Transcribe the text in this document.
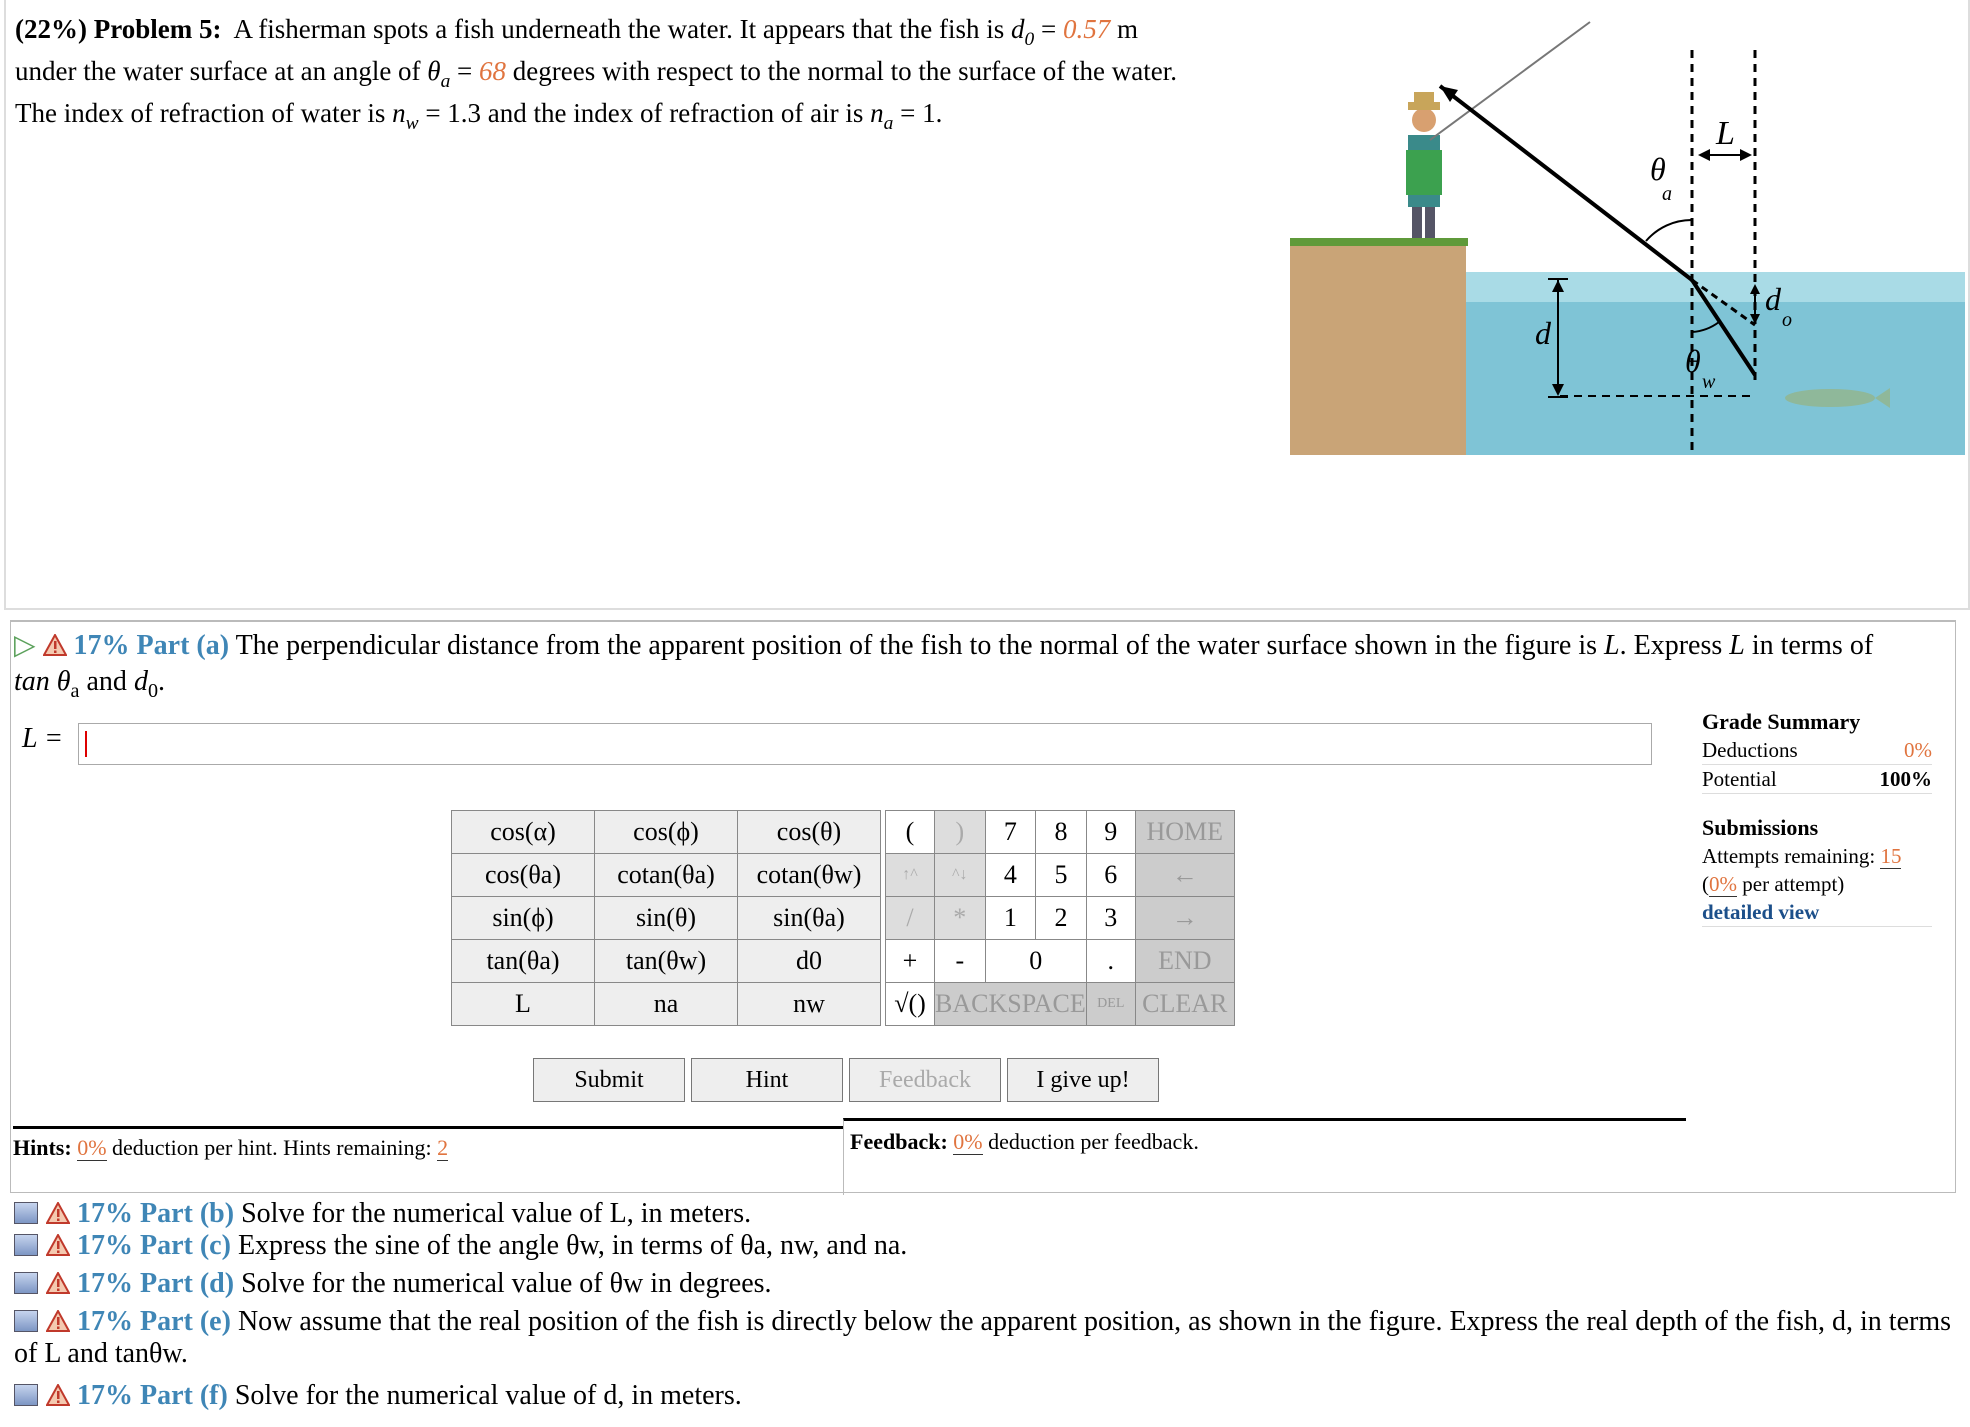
(22%) Problem 5: A fisherman spots a fish underneath the water. It appears that the fish is $d_0 = 0.57$ m
under the water surface at an angle of $\theta_a = 68$ degrees with respect to the normal to the surface of the water.
The index of refraction of water is $n_w = 1.3$ and the index of refraction of air is $n_a = 1$.
L
θ
a
θ
w
d
d
o
▷ 17% Part (a) The perpendicular distance from the apparent position of the fish to the normal of the water surface shown in the figure is L. Express L in terms of
$\tan \theta_a$ and $d_0$.
L =
cos(α)	cos(ϕ)	cos(θ)		(	)	7	8	9	HOME
cos(θa)	cotan(θa)	cotan(θw)		↑^	^↓	4	5	6	←
sin(ϕ)	sin(θ)	sin(θa)		/	*	1	2	3	→
tan(θa)	tan(θw)	d0		+	-	0		.	END
L	na	nw		√()	BACKSPACE			DEL	CLEAR
Submit	Hint	Feedback	I give up!
Grade Summary
Deductions	0%
Potential	100%
Submissions
Attempts remaining: 15
(0% per attempt)
detailed view
Hints: 0% deduction per hint. Hints remaining: 2	Feedback: 0% deduction per feedback.
17% Part (b) Solve for the numerical value of L, in meters.
17% Part (c) Express the sine of the angle θw, in terms of θa, nw, and na.
17% Part (d) Solve for the numerical value of θw in degrees.
17% Part (e) Now assume that the real position of the fish is directly below the apparent position, as shown in the figure. Express the real depth of the fish, d, in terms of L and tanθw.
17% Part (f) Solve for the numerical value of d, in meters.
